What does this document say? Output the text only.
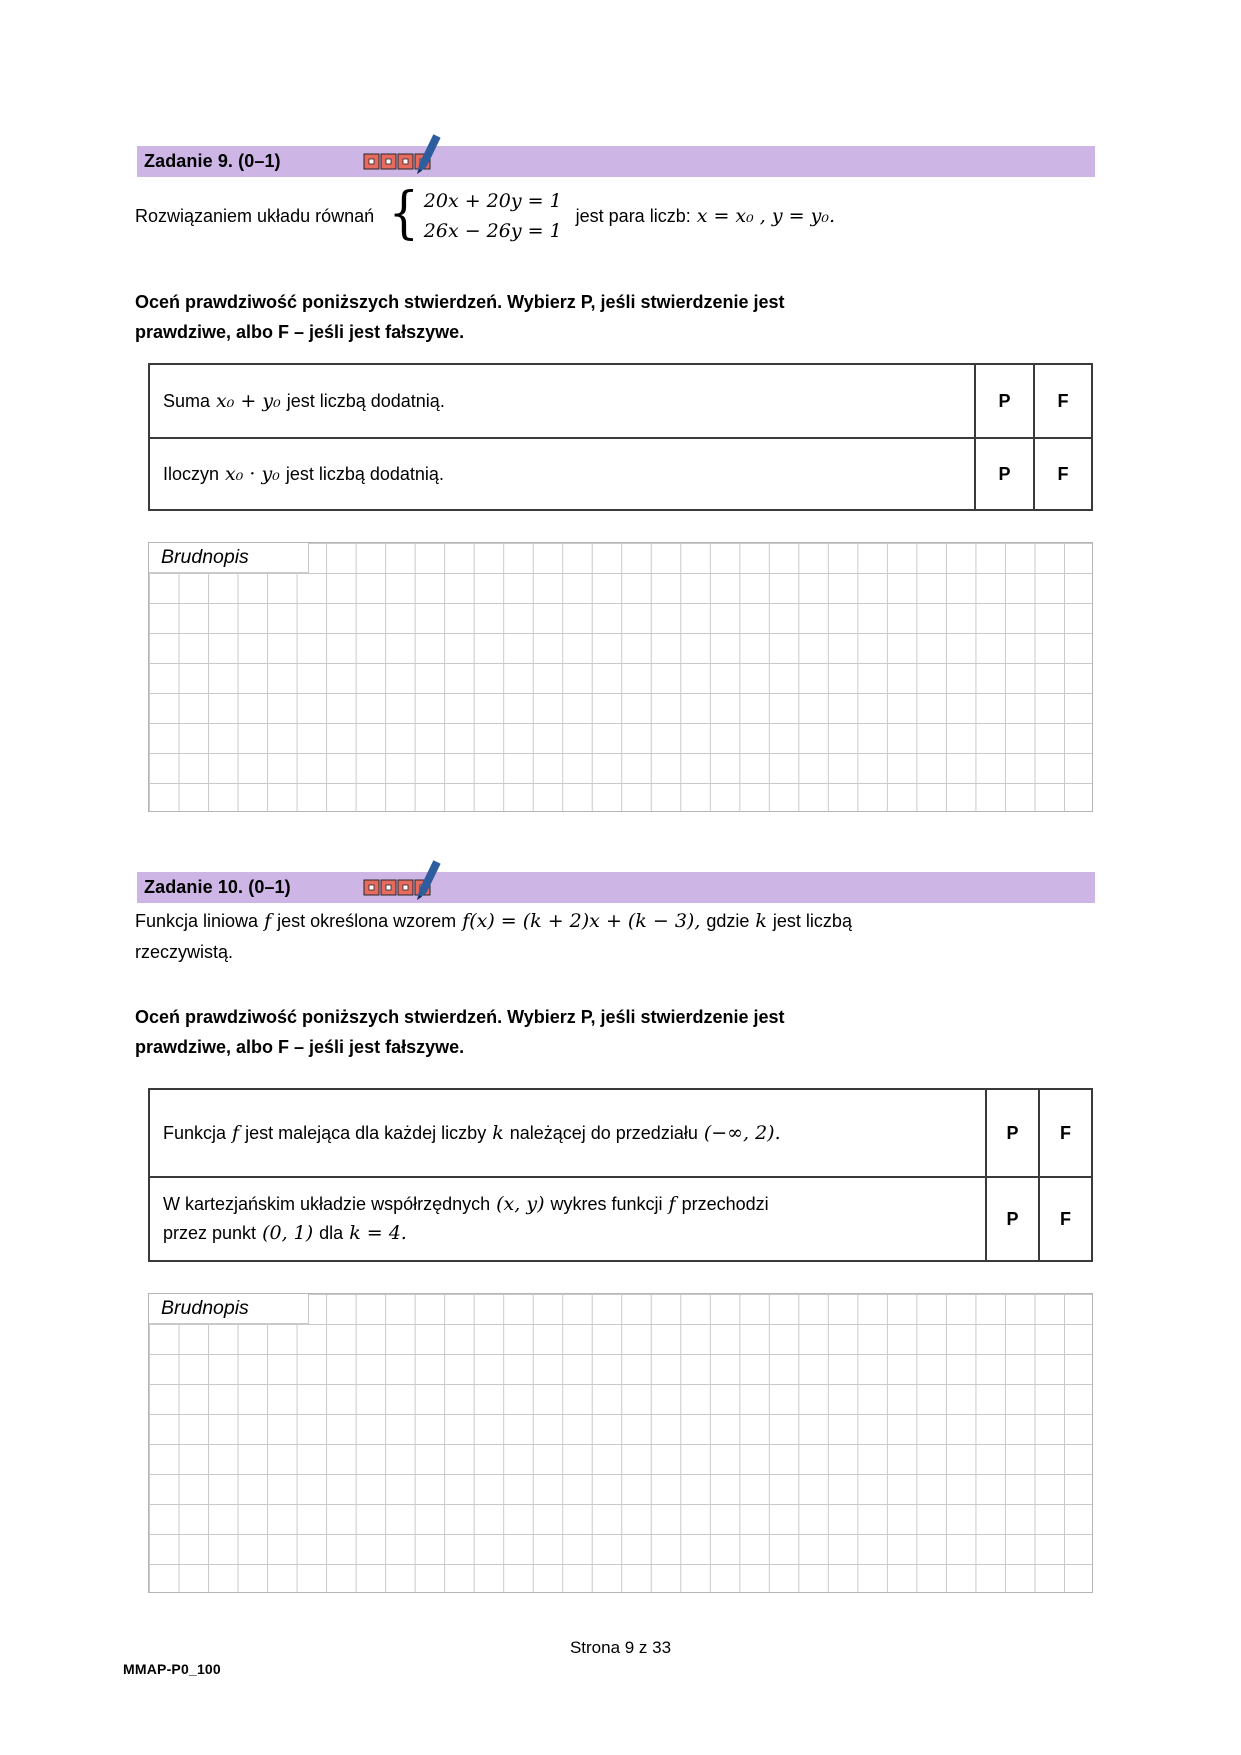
Zadanie 9. (0–1)
Rozwiązaniem układu równań { 20x + 20y = 1
26x − 26y = 1
jest para liczb: x = x₀ , y = y₀.
Oceń prawdziwość poniższych stwierdzeń. Wybierz P, jeśli stwierdzenie jest
prawdziwe, albo F – jeśli jest fałszywe.
Suma x₀ + y₀ jest liczbą dodatnią.	P	F
Iloczyn x₀ · y₀ jest liczbą dodatnią.	P	F
Brudnopis
Zadanie 10. (0–1)
Funkcja liniowa f jest określona wzorem f(x) = (k + 2)x + (k − 3), gdzie k jest liczbą
rzeczywistą.
Oceń prawdziwość poniższych stwierdzeń. Wybierz P, jeśli stwierdzenie jest
prawdziwe, albo F – jeśli jest fałszywe.
Funkcja f jest malejąca dla każdej liczby k należącej do przedziału (−∞, 2).	P	F
W kartezjańskim układzie współrzędnych (x, y) wykres funkcji f przechodzi
przez punkt (0, 1) dla k = 4.
P	F
Brudnopis
Strona 9 z 33
MMAP-P0_100
